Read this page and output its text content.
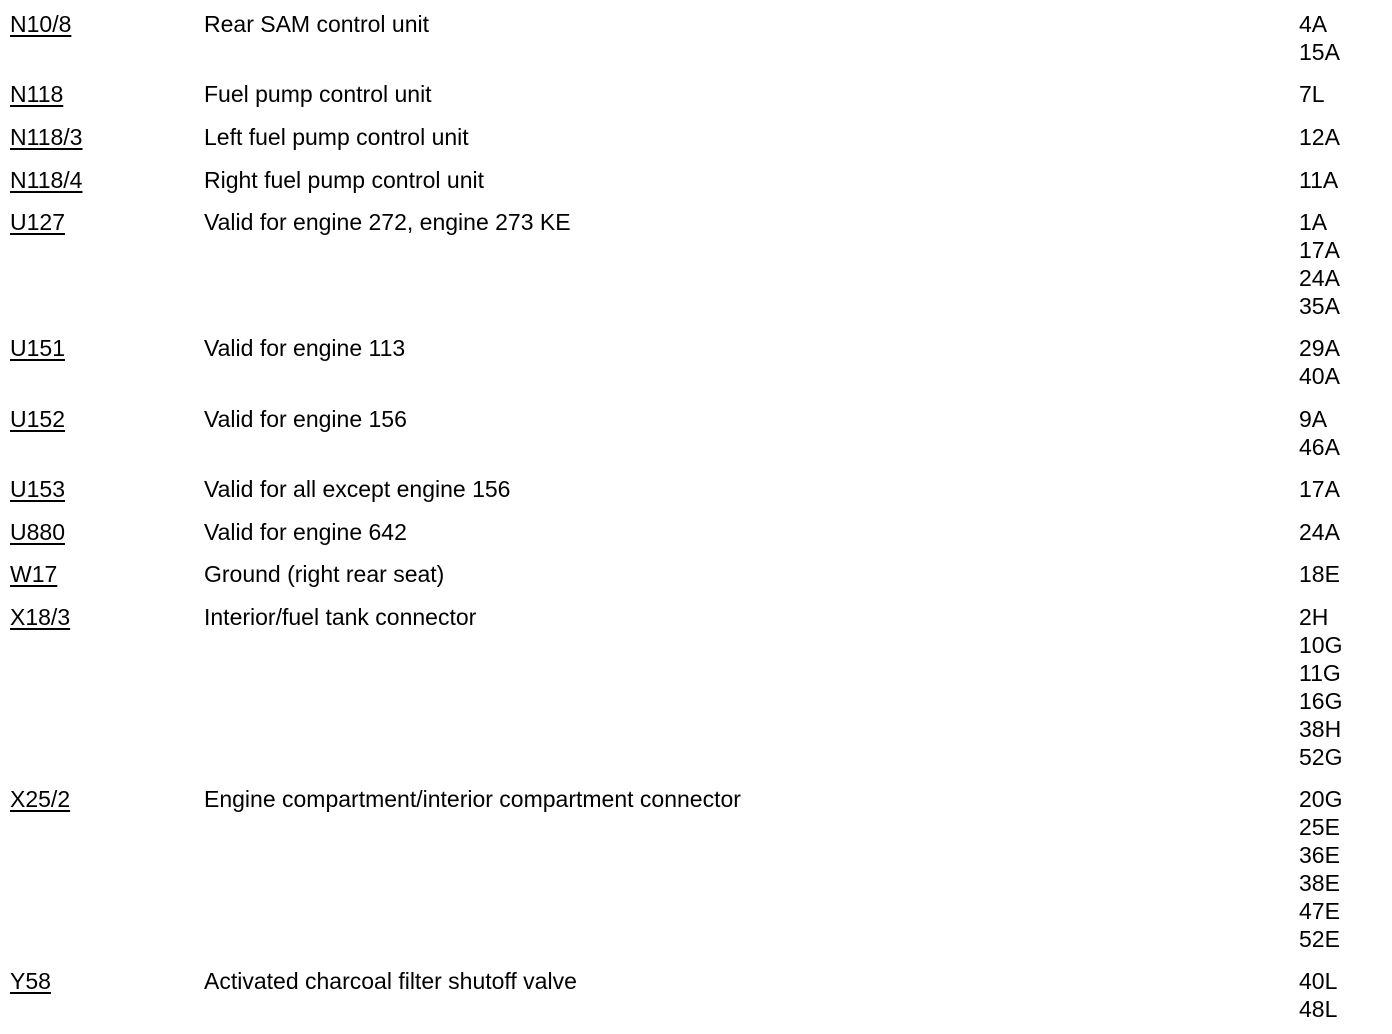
N10/8	Rear SAM control unit	4A
15A
N118	Fuel pump control unit	7L
N118/3	Left fuel pump control unit	12A
N118/4	Right fuel pump control unit	11A
U127	Valid for engine 272, engine 273 KE	1A
17A
24A
35A
U151	Valid for engine 113	29A
40A
U152	Valid for engine 156	9A
46A
U153	Valid for all except engine 156	17A
U880	Valid for engine 642	24A
W17	Ground (right rear seat)	18E
X18/3	Interior/fuel tank connector	2H
10G
11G
16G
38H
52G
X25/2	Engine compartment/interior compartment connector	20G
25E
36E
38E
47E
52E
Y58	Activated charcoal filter shutoff valve	40L
48L
